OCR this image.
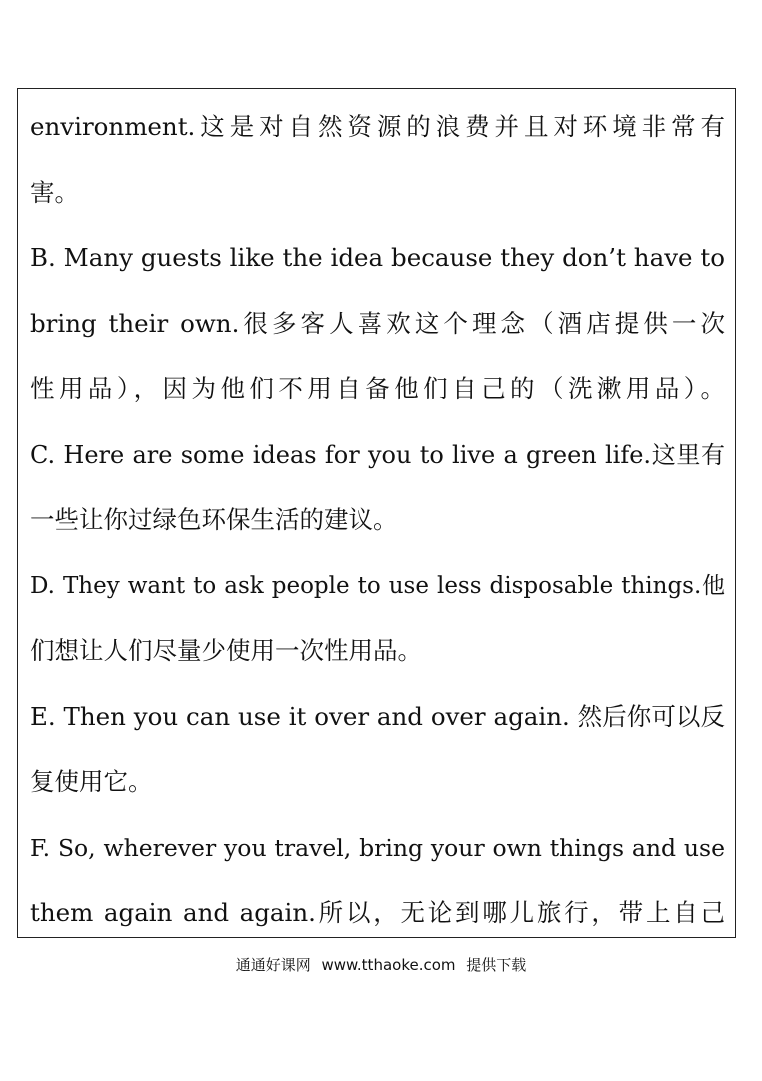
environment.这是对自然资源的浪费并且对环境非常有
害。
B. Many guests like the idea because they don’t have to
bring their own.很多客人喜欢这个理念（酒店提供一次
性用品），因为他们不用自备他们自己的（洗漱用品）。
C. Here are some ideas for you to live a green life.这里有
一些让你过绿色环保生活的建议。
D. They want to ask people to use less disposable things.他
们想让人们尽量少使用一次性用品。
E. Then you can use it over and over again. 然后你可以反
复使用它。
F. So, wherever you travel, bring your own things and use
them again and again.所以，无论到哪儿旅行，带上自己
通通好课网 www.tthaoke.com 提供下载
